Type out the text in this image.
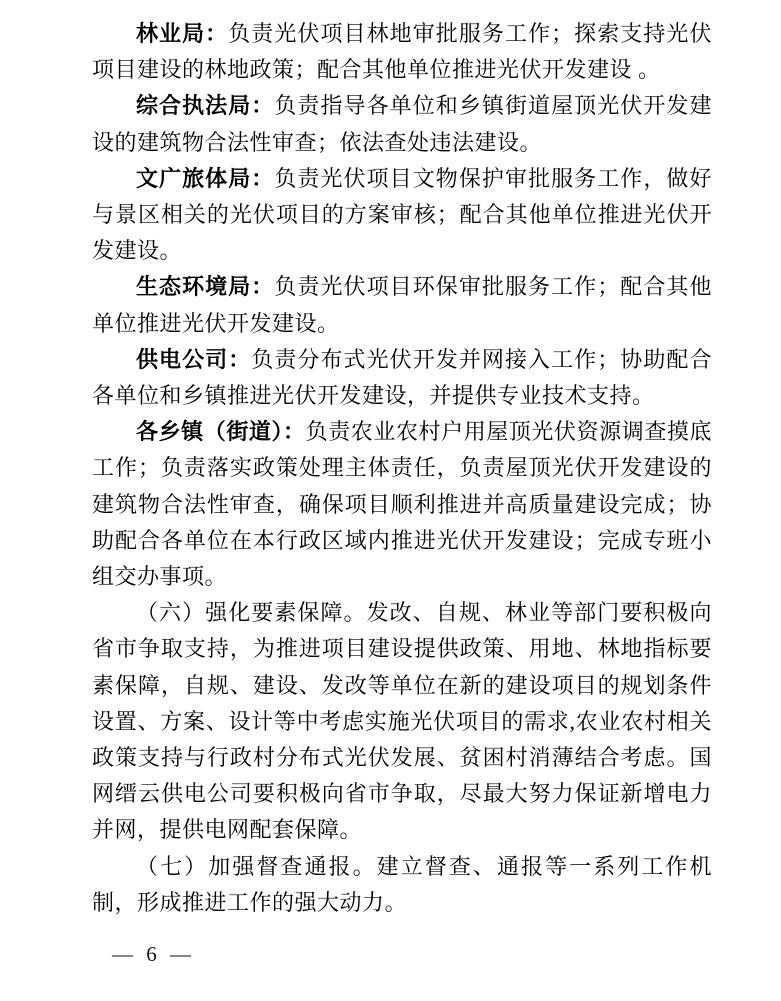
林业局：负责光伏项目林地审批服务工作；探索支持光伏项目建设的林地政策；配合其他单位推进光伏开发建设 。

综合执法局：负责指导各单位和乡镇街道屋顶光伏开发建设的建筑物合法性审查；依法查处违法建设。

文广旅体局：负责光伏项目文物保护审批服务工作，做好与景区相关的光伏项目的方案审核；配合其他单位推进光伏开发建设。

生态环境局：负责光伏项目环保审批服务工作；配合其他单位推进光伏开发建设。

供电公司：负责分布式光伏开发并网接入工作；协助配合各单位和乡镇推进光伏开发建设，并提供专业技术支持。

各乡镇（街道）：负责农业农村户用屋顶光伏资源调查摸底工作；负责落实政策处理主体责任，负责屋顶光伏开发建设的建筑物合法性审查，确保项目顺利推进并高质量建设完成；协助配合各单位在本行政区域内推进光伏开发建设；完成专班小组交办事项。

（六）强化要素保障。发改、自规、林业等部门要积极向省市争取支持，为推进项目建设提供政策、用地、林地指标要素保障，自规、建设、发改等单位在新的建设项目的规划条件设置、方案、设计等中考虑实施光伏项目的需求,农业农村相关政策支持与行政村分布式光伏发展、贫困村消薄结合考虑。国网缙云供电公司要积极向省市争取，尽最大努力保证新增电力并网，提供电网配套保障。

（七）加强督查通报。建立督查、通报等一系列工作机制，形成推进工作的强大动力。

— 6 —
